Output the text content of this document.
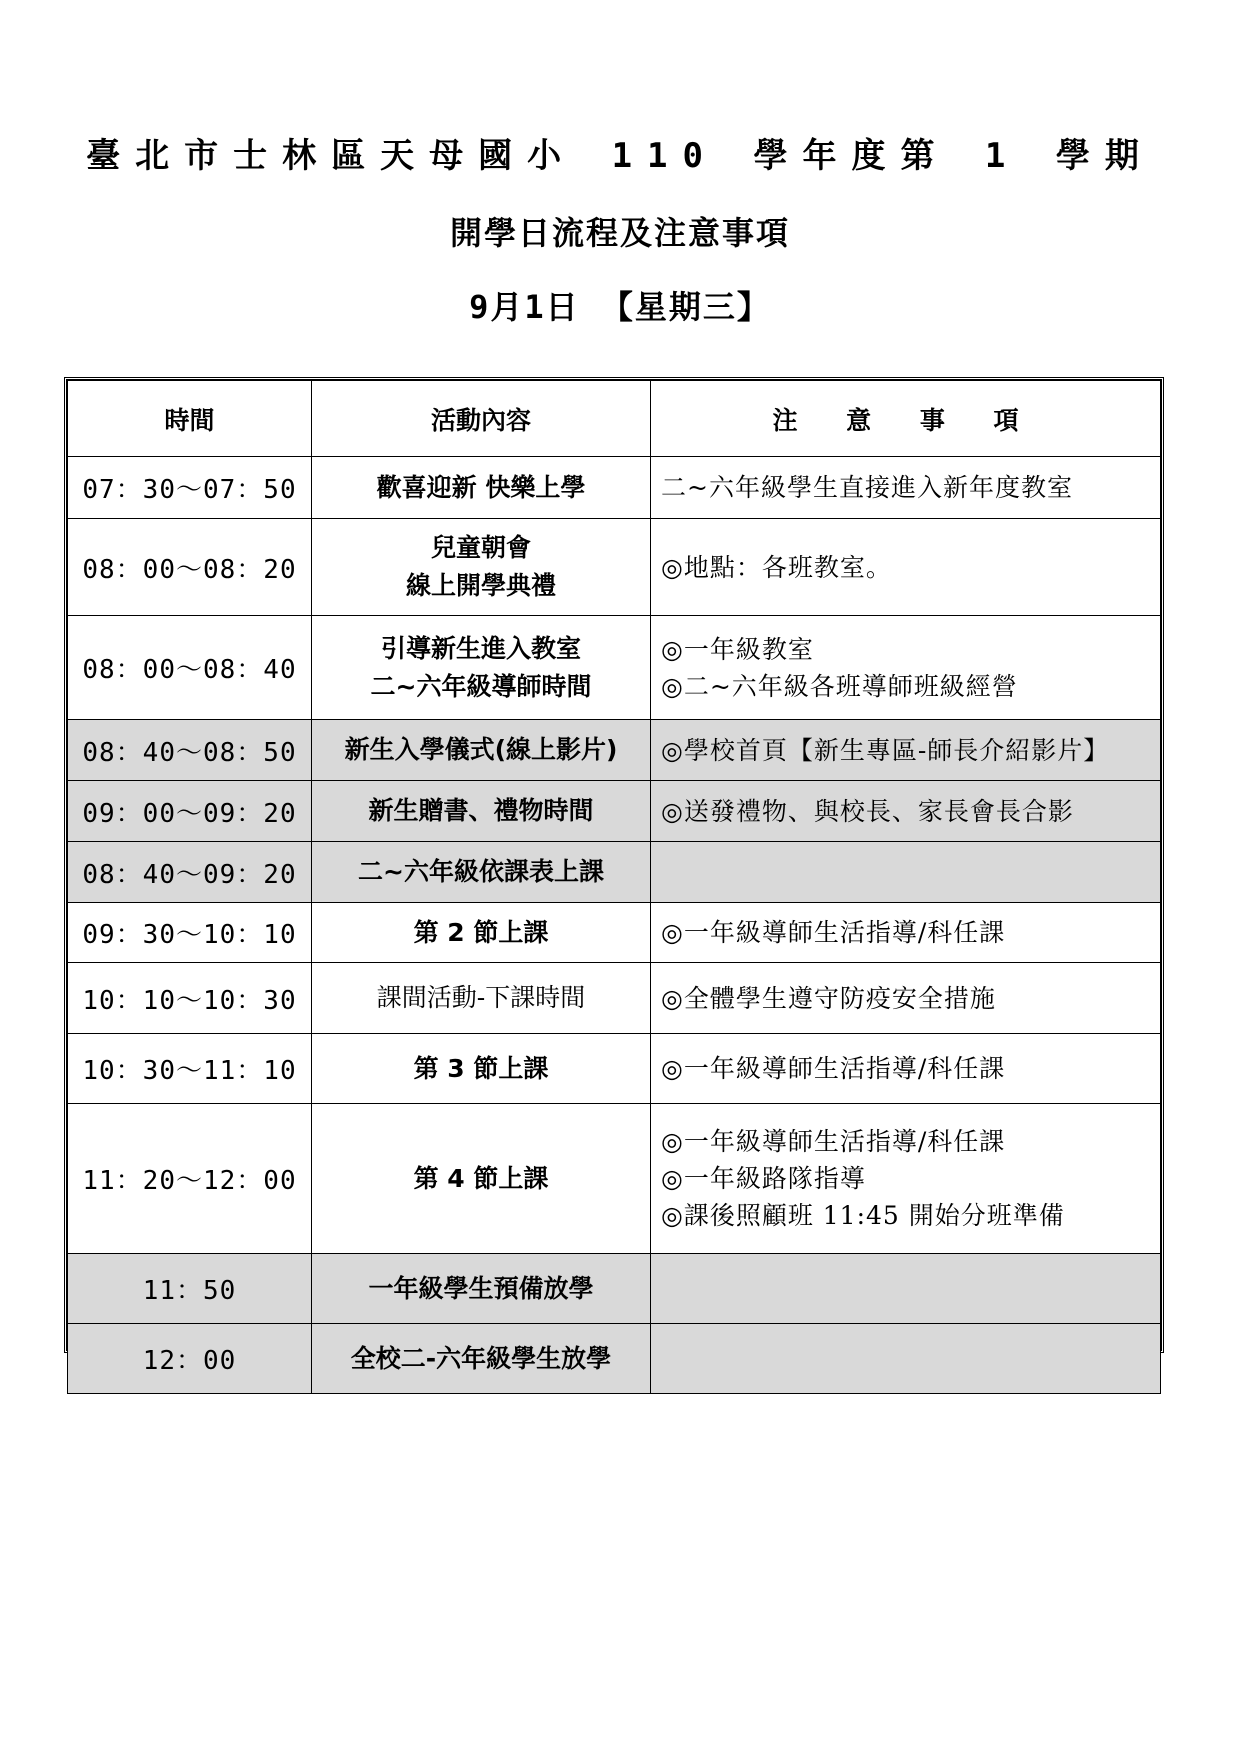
臺北市士林區天母國小 110 學年度第 1 學期
開學日流程及注意事項
9月1日 【星期三】
時間	活動內容	注 意 事 項
07：30～07：50	歡喜迎新 快樂上學	二~六年級學生直接進入新年度教室

08：00～08：20	兒童朝會
線上開學典禮	◎地點：各班教室。

08：00～08：40	引導新生進入教室
二~六年級導師時間	◎一年級教室
◎二~六年級各班導師班級經營

08：40～08：50	新生入學儀式(線上影片)	◎學校首頁【新生專區-師長介紹影片】

09：00～09：20	新生贈書、禮物時間	◎送發禮物、與校長、家長會長合影

08：40～09：20	二~六年級依課表上課	

09：30～10：10	第 2 節上課	◎一年級導師生活指導/科任課

10：10～10：30	課間活動-下課時間	◎全體學生遵守防疫安全措施

10：30～11：10	第 3 節上課	◎一年級導師生活指導/科任課

11：20～12：00	第 4 節上課	◎一年級導師生活指導/科任課
◎一年級路隊指導
◎課後照顧班 11:45 開始分班準備

11：50	一年級學生預備放學	

12：00	全校二-六年級學生放學	
